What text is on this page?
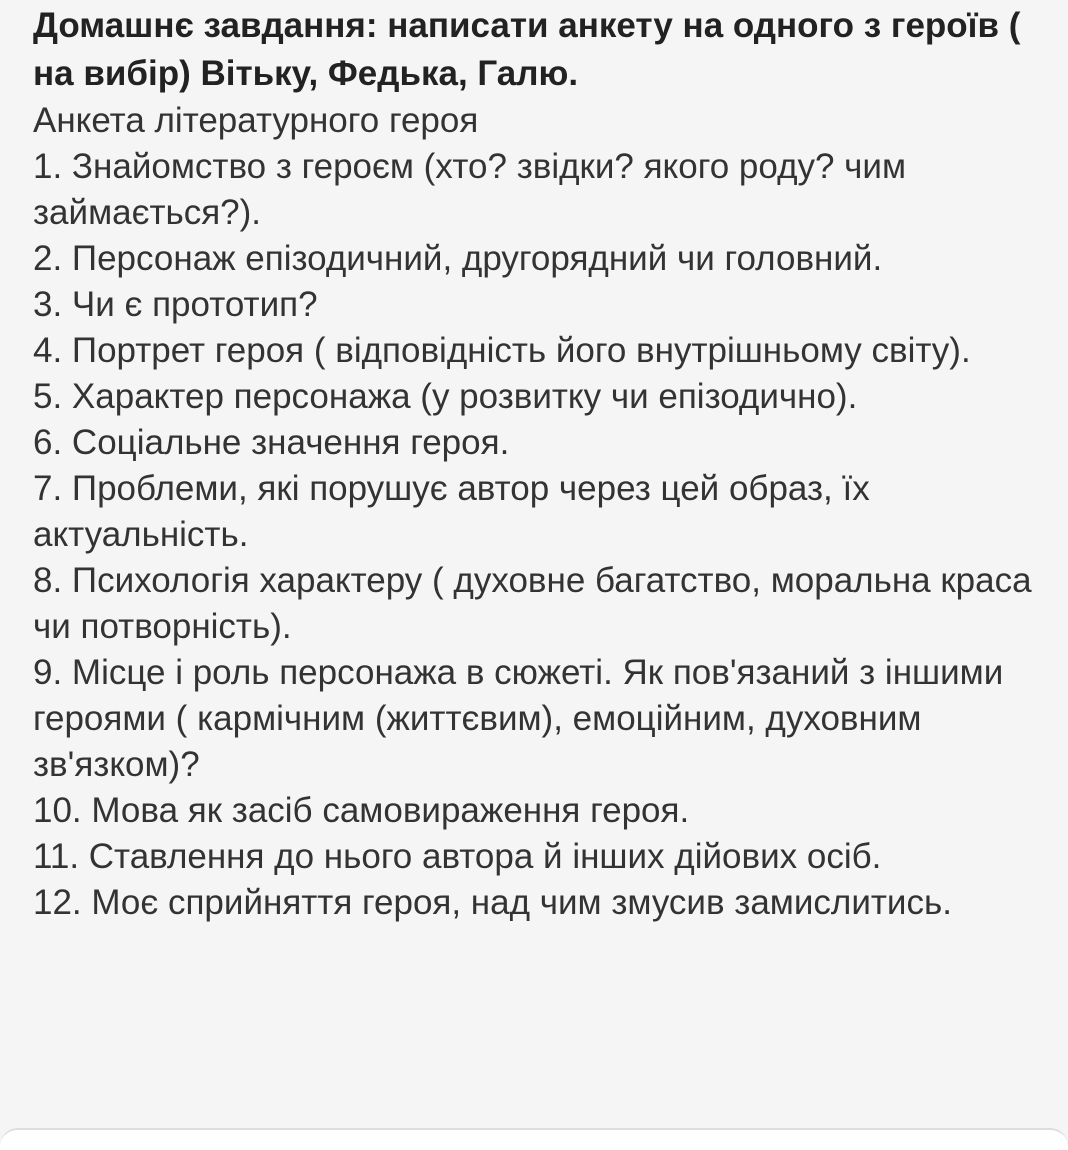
Домашнє завдання: написати анкету на одного з героїв ( на вибір) Вітьку, Федька, Галю.

Анкета літературного героя

1. Знайомство з героєм (хто? звідки? якого роду? чим займається?).

2. Персонаж епізодичний, другорядний чи головний.

3. Чи є прототип?

4. Портрет героя ( відповідність його внутрішньому світу).

5. Характер персонажа (у розвитку чи епізодично).

6. Соціальне значення героя.

7. Проблеми, які порушує автор через цей образ, їх актуальність.

8. Психологія характеру ( духовне багатство, моральна краса чи потворність).

9. Місце і роль персонажа в сюжеті. Як пов'язаний з іншими героями ( кармічним (життєвим), емоційним, духовним зв'язком)?

10. Мова як засіб самовираження героя.

11. Ставлення до нього автора й інших дійових осіб.

12. Моє сприйняття героя, над чим змусив замислитись.
